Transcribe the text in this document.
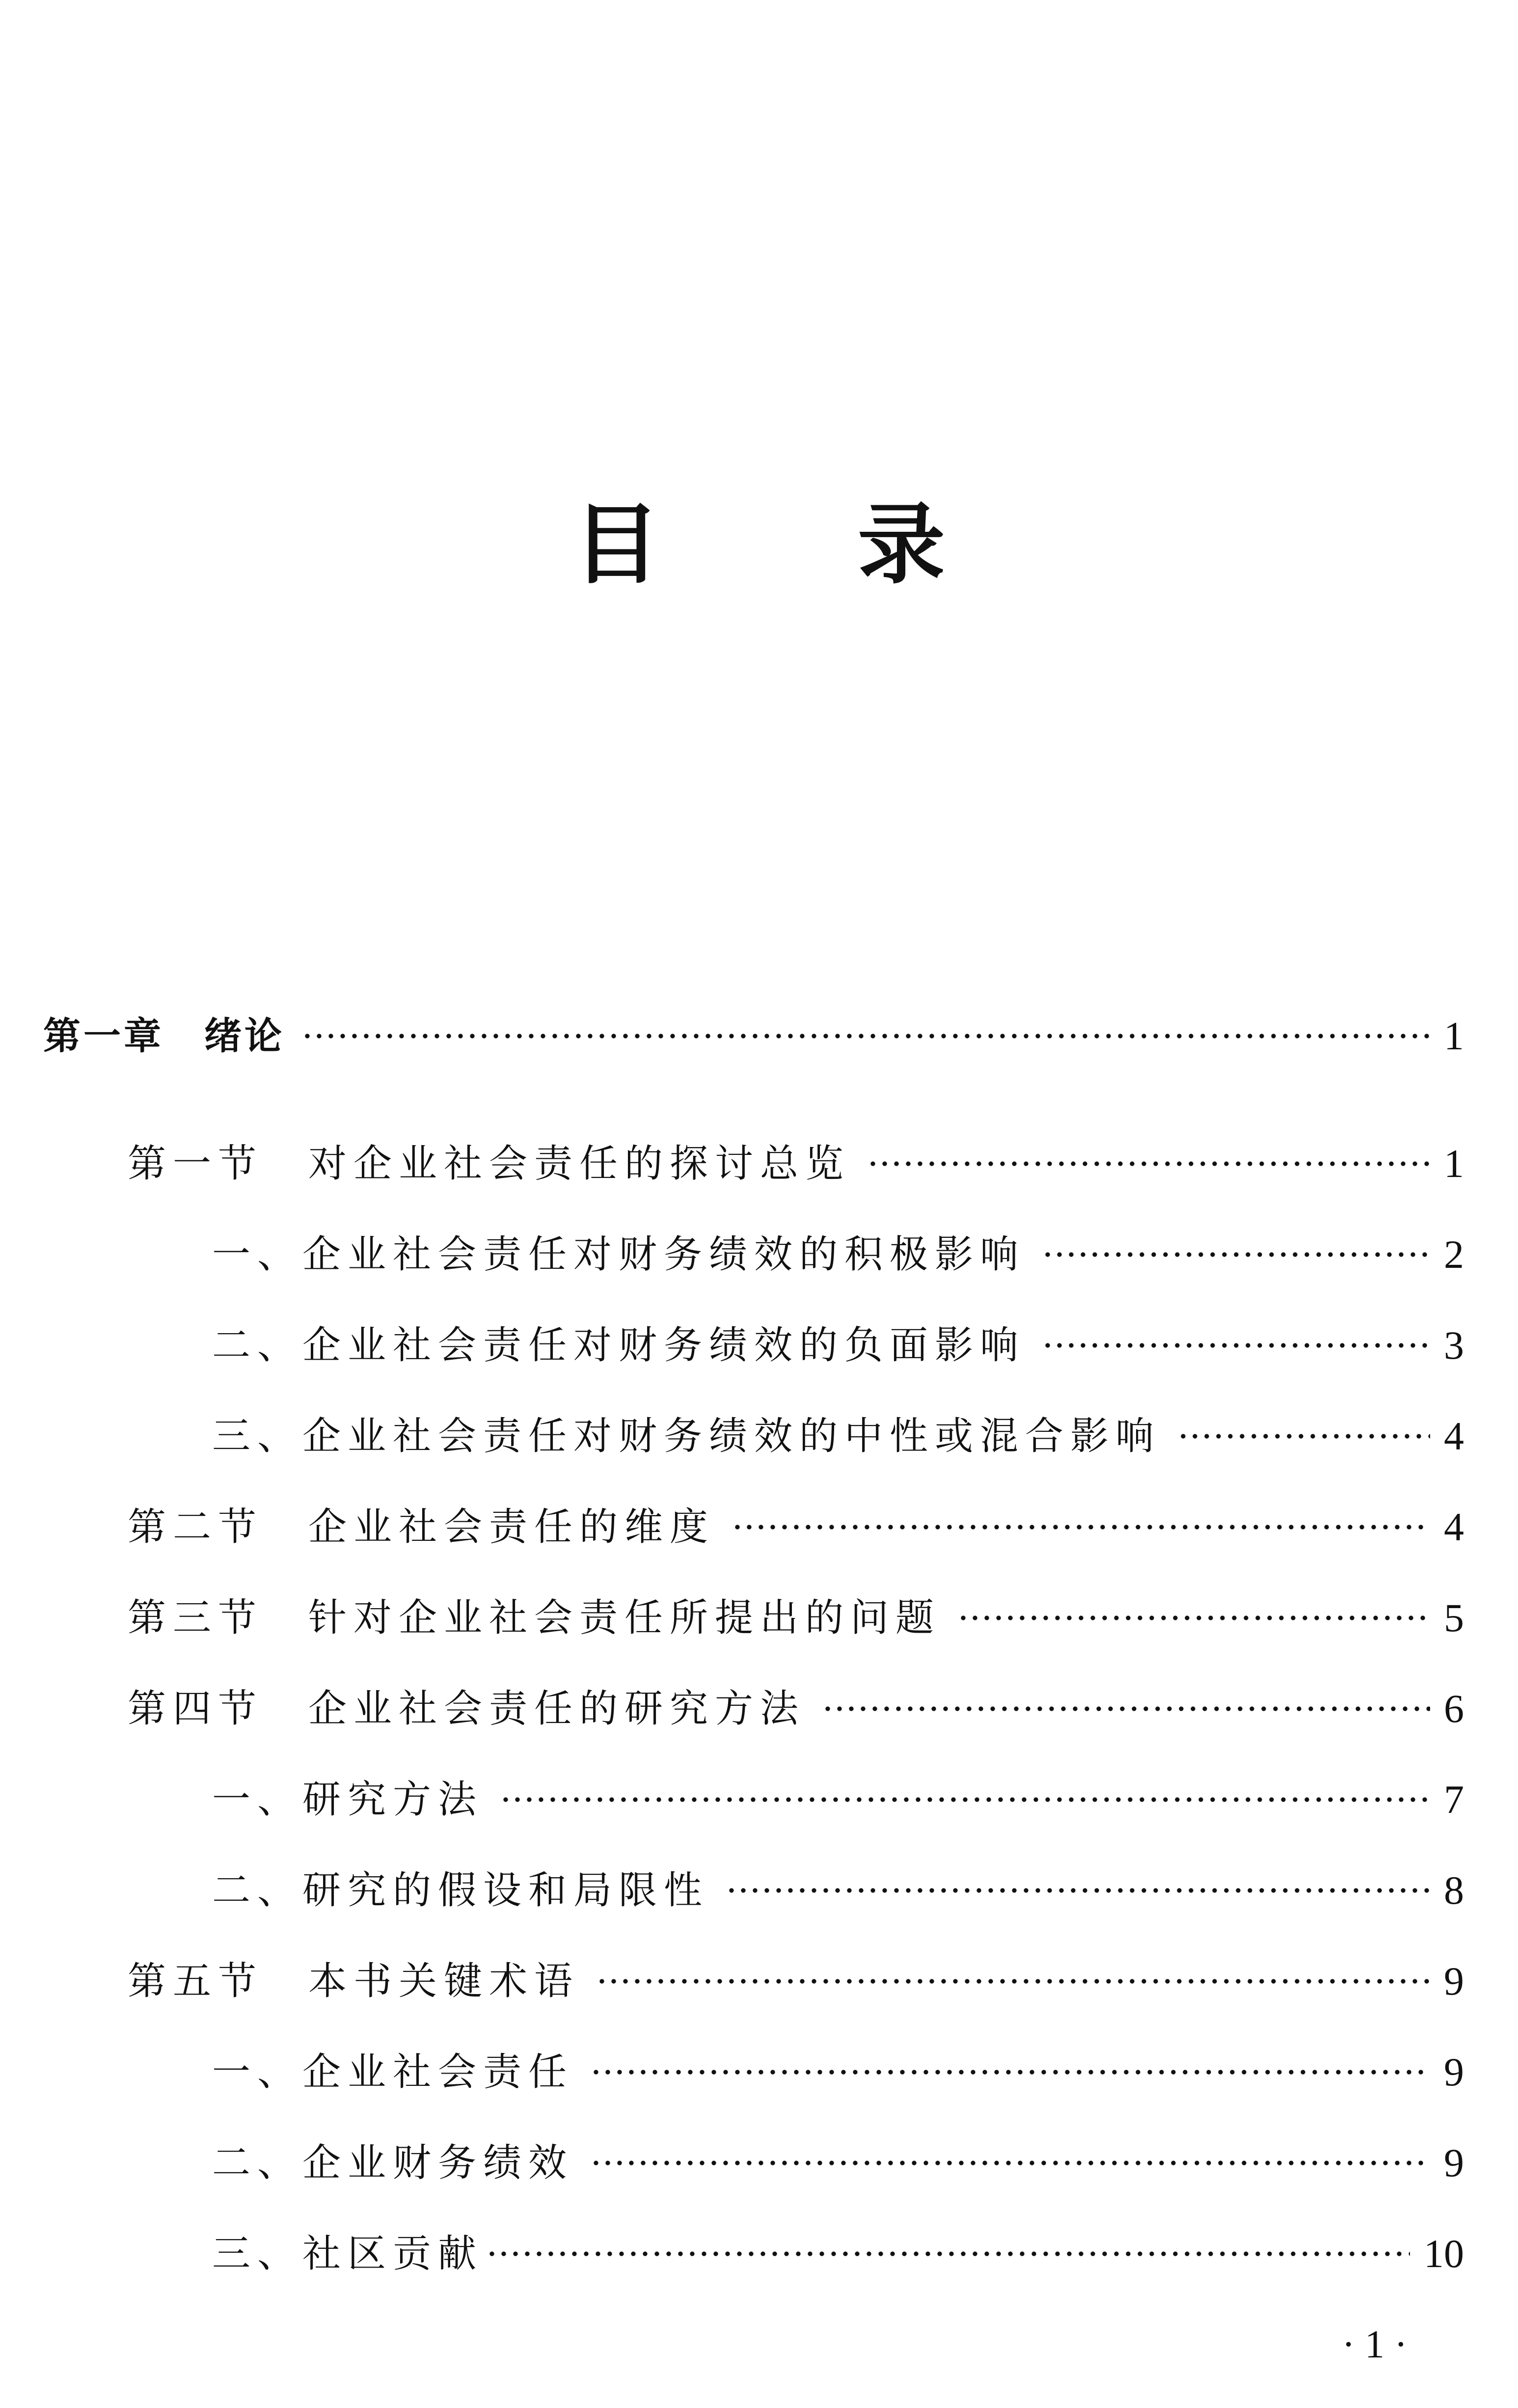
目 录
第一章　绪论	1
第一节　对企业社会责任的探讨总览	1
一、企业社会责任对财务绩效的积极影响	2
二、企业社会责任对财务绩效的负面影响	3
三、企业社会责任对财务绩效的中性或混合影响	4
第二节　企业社会责任的维度	4
第三节　针对企业社会责任所提出的问题	5
第四节　企业社会责任的研究方法	6
一、研究方法	7
二、研究的假设和局限性	8
第五节　本书关键术语	9
一、企业社会责任	9
二、企业财务绩效	9
三、社区贡献	10
· 1 ·
